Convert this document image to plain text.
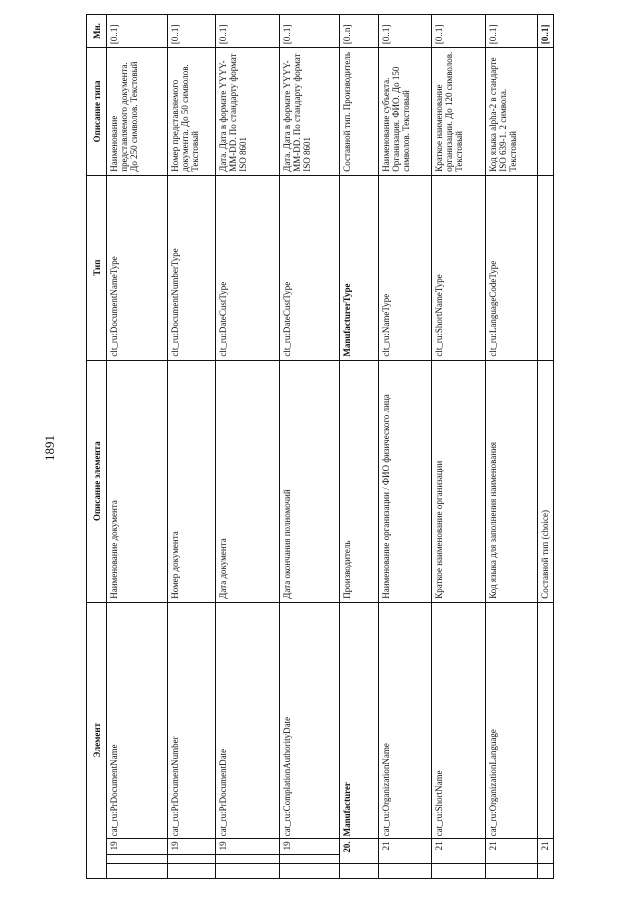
1891
Элемент				Описание элемента	Тип	Описание типа	Мн.
		19	cat_ru:PrDocumentName	Наименование документа	clt_ru:DocumentNameType	Наименование представляемого документа. До 250 символов. Текстовый	[0..1]
		19	cat_ru:PrDocumentNumber	Номер документа	clt_ru:DocumentNumberType	Номер представляемого документа. До 50 символов. Текстовый	[0..1]
		19	cat_ru:PrDocumentDate	Дата документа	clt_ru:DateCustType	Дата. Дата в формате YYYY-MM-DD. По стандарту формат ISO 8601	[0..1]
		19	cat_ru:ComplationAuthorityDate	Дата окончания полномочий	clt_ru:DateCustType	Дата. Дата в формате YYYY-MM-DD. По стандарту формат ISO 8601	[0..1]
	20.		Manufacturer	Производитель	ManufacturerType	Составной тип. Производитель	[0..n]
	21		cat_ru:OrganizationName	Наименование организации / ФИО физического лица	clt_ru:NameType	Наименование субъекта. Организация. ФИО. До 150 символов. Текстовый	[0..1]
	21		cat_ru:ShortName	Краткое наименование организации	clt_ru:ShortNameType	Краткое наименование организации. До 120 символов. Текстовый	[0..1]
	21		cat_ru:OrganizationLanguage	Код языка для заполнения наименования	clt_ru:LanguageCodeType	Код языка alpha-2 в стандарте ISO 639-1. 2 символа. Текстовый	[0..1]
	21			Составной тип (choice)			[0..1]
